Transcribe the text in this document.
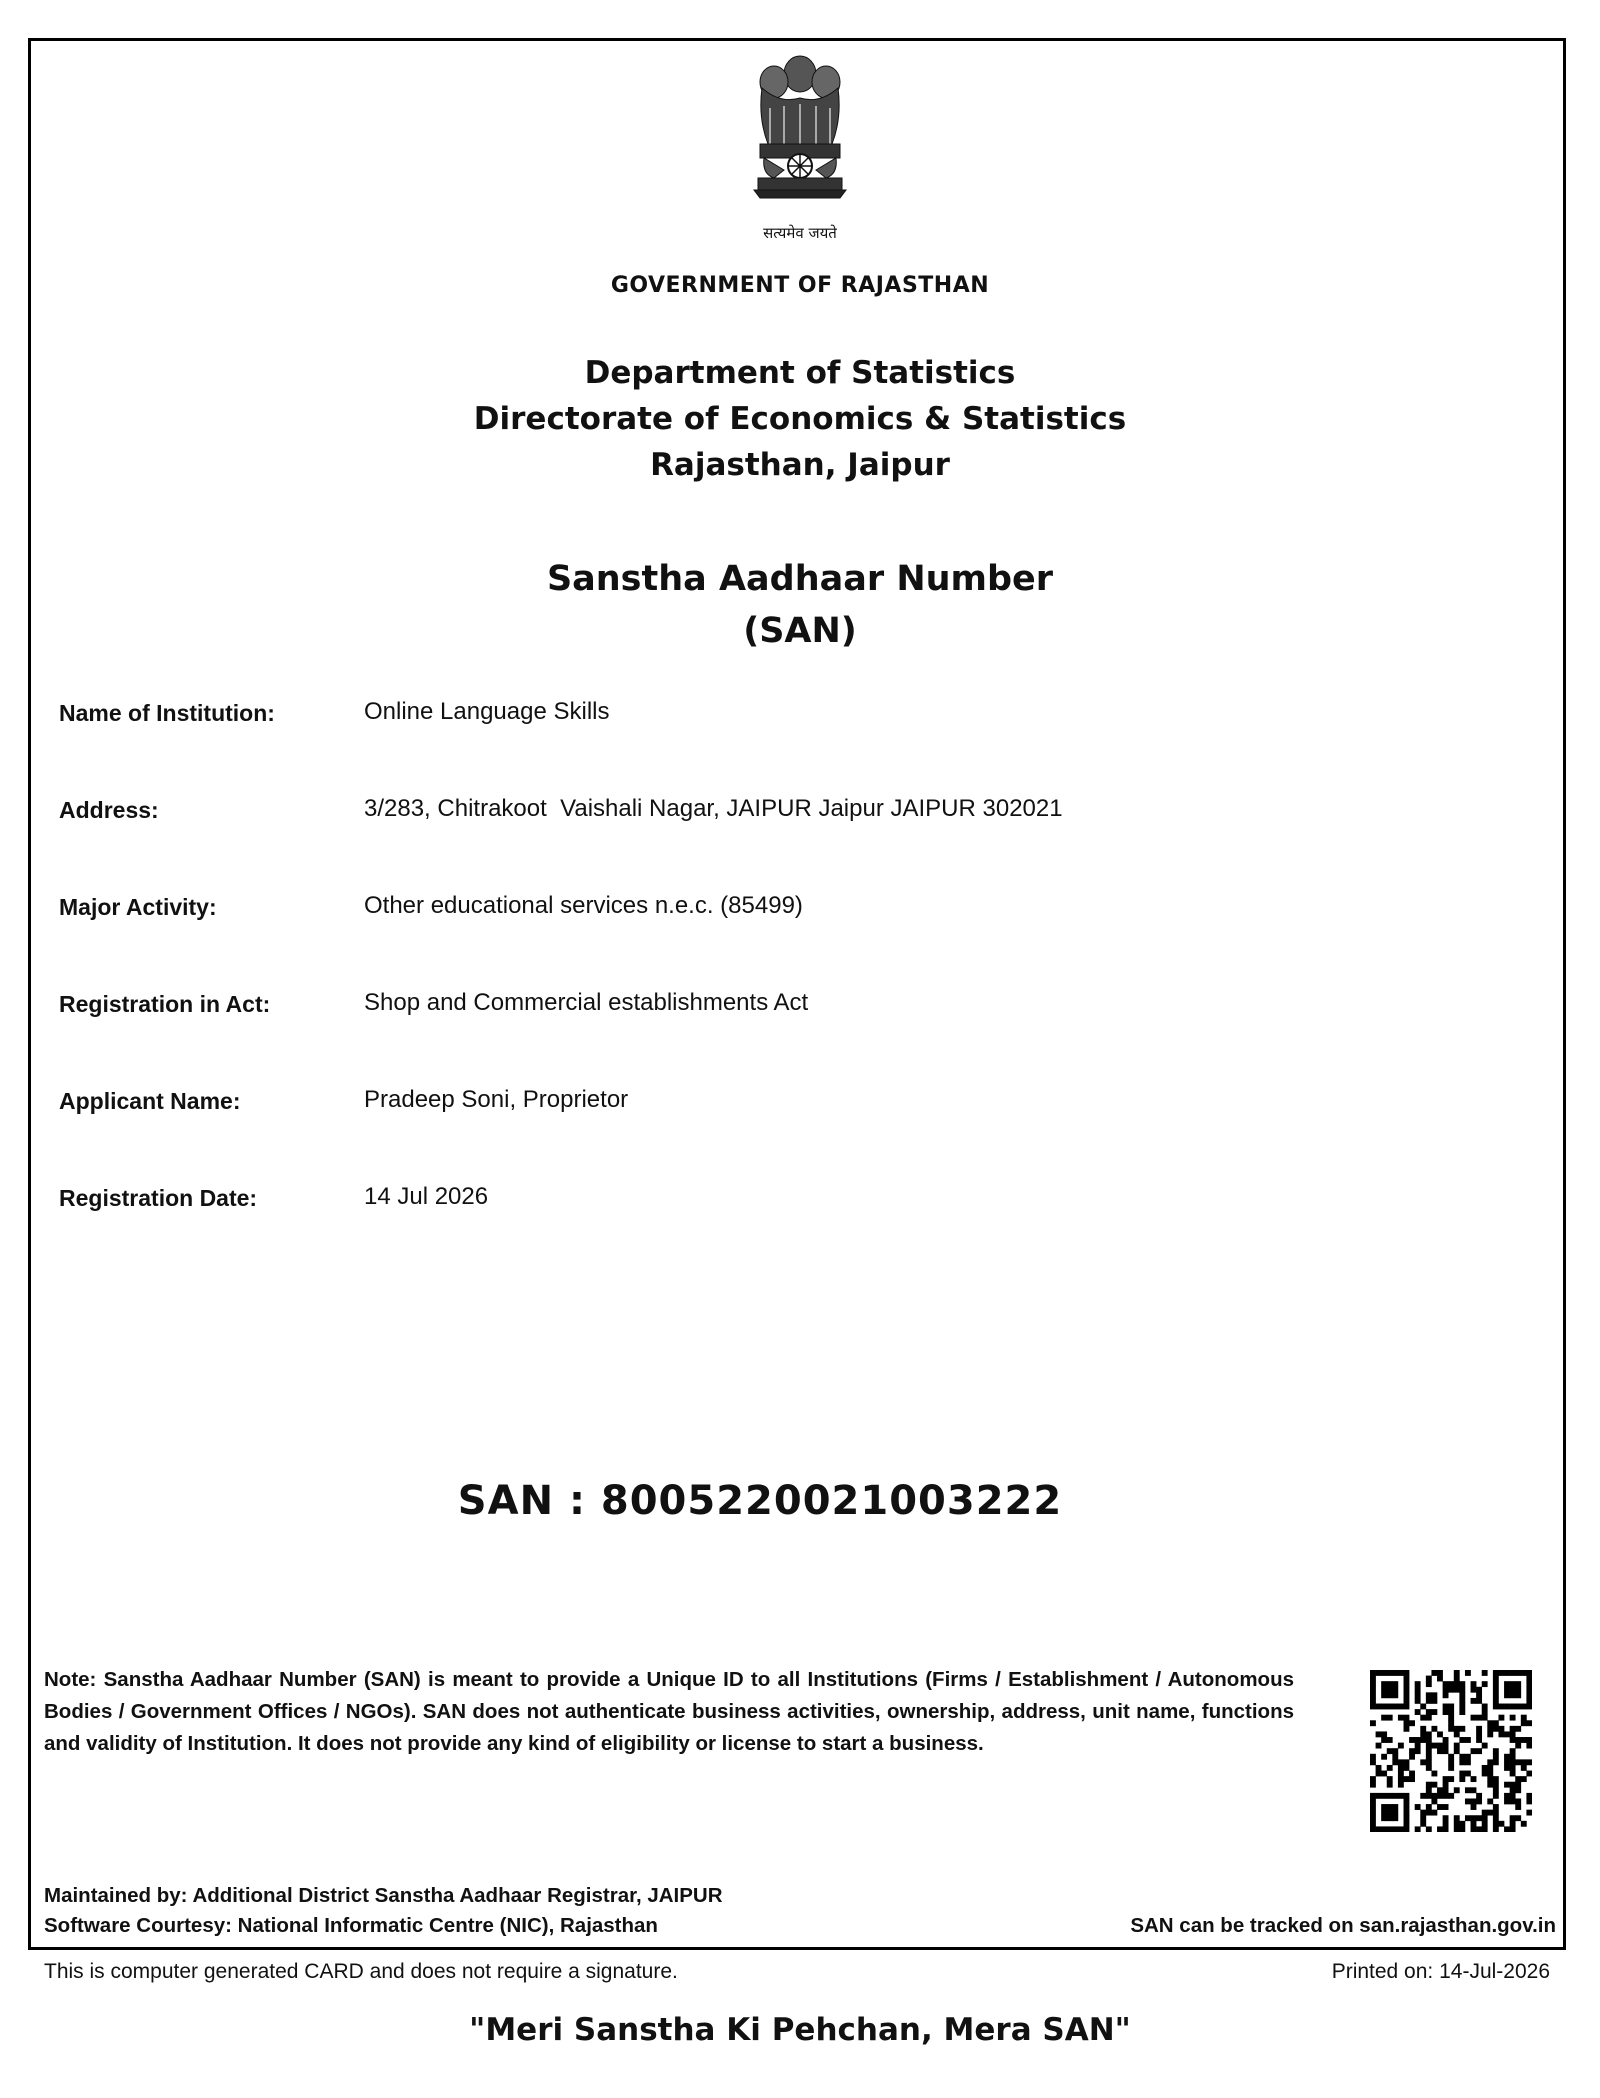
सत्यमेव जयते
GOVERNMENT OF RAJASTHAN
Department of Statistics
Directorate of Economics & Statistics
Rajasthan, Jaipur
Sanstha Aadhaar Number
(SAN)
Name of Institution:	Online Language Skills
Address:	3/283, Chitrakoot  Vaishali Nagar, JAIPUR Jaipur JAIPUR 302021
Major Activity:	Other educational services n.e.c. (85499)
Registration in Act:	Shop and Commercial establishments Act
Applicant Name:	Pradeep Soni, Proprietor
Registration Date:	14 Jul 2026
SAN : 8005220021003222
Note: Sanstha Aadhaar Number (SAN) is meant to provide a Unique ID to all Institutions (Firms / Establishment / Autonomous Bodies / Government Offices / NGOs). SAN does not authenticate business activities, ownership, address, unit name, functions and validity of Institution. It does not provide any kind of eligibility or license to start a business.
Maintained by: Additional District Sanstha Aadhaar Registrar, JAIPUR
Software Courtesy: National Informatic Centre (NIC), Rajasthan	SAN can be tracked on san.rajasthan.gov.in
This is computer generated CARD and does not require a signature.	Printed on: 14-Jul-2026
"Meri Sanstha Ki Pehchan, Mera SAN"
